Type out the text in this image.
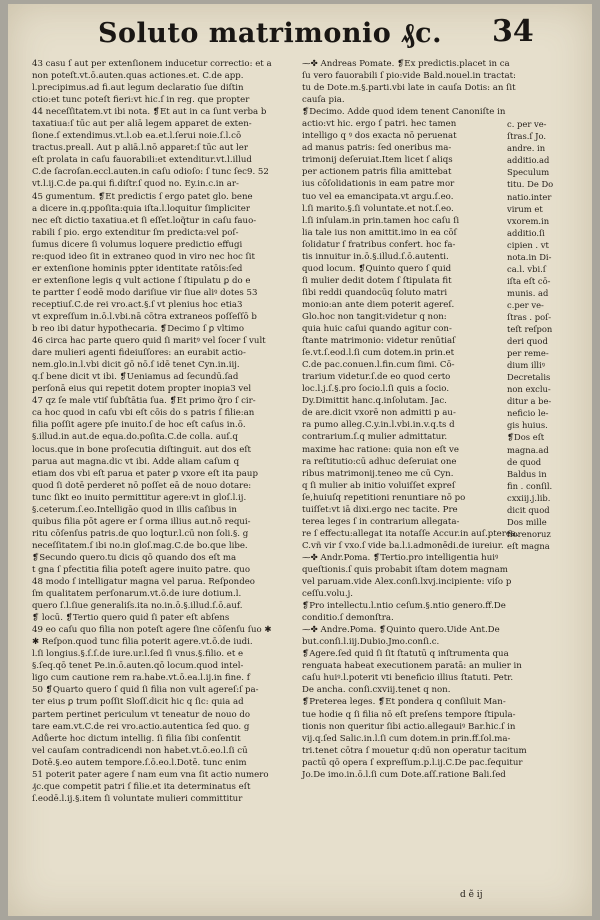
Soluto matrimonio ₰c. 34
43 casu ſ aut per extenſionem inducetur correctio: et a
non poteſt.vt.ō.auten.quas actiones.et. C.de app.
l.precipimus.ad fi.aut legum declaratio ſue diſtin
ctio:et tunc poteſt fieri:vt hic.ſ in reg. que propter
44 neceſſitatem.vt ibi nota. ❡Et aut in ca ſunt verba b
taxatiua:ſ tūc aut per aliā legem apparet de exten-
ſione.ſ extendimus.vt.l.ob ea.et.l.ſerui noie.ſ.l.cō
tractus.preall. Aut p aliā.l.nō apparet:ſ tūc aut ler
eſt prolata in caſu fauorabili:et extenditur.vt.l.illud
C.de ſacroſan.eccl.auten.in caſu odioſo: ſ tunc ſec9. 52
vt.l.ij.C.de pa.qui fi.diſtr.ſ quod no. Ey.in.c.in ar-
45 gumentum. ❡Et predictis ſ ergo patet glo. bene
a dicere in.q.ppoſita:quia iſta.l.loquitur ſimpliciter
nec eſt dictio taxatiua.et ſi eſſet.loq̃tur in caſu fauo-
rabili ſ pio. ergo extenditur ſm predicta:vel poſ-
ſumus dicere ſi volumus loquere predictio effugi
re:quod ideo ſit in extraneo quod in viro nec hoc ſit
er extenſione hominis ppter identitate ratōis:ſed
er extenſione legis q vult actione ſ ſtipulatu ꝑ do e
te partter ſ eodē modo dariſiue vir ſiue aliꝰ dotes 53
receptiuſ.C.de rei vro.act.§.ſ vt plenius hoc etia3
vt expreſſum in.ō.l.vbi.nā cōtra extraneos poſſeſſō b
b reo ibi datur hypothecaria. ❡Decimo ſ ꝑ vltimo
46 circa hac parte quero quid ſi maritꝰ vel ſocer ſ vult
dare mulieri agenti fideiuſſores: an eurabit actio-
nem.glo.in.l.vbi dicit gō nō.ſ idē tenet Cyn.in.iij.
q.ſ bene dicit vt ibi. ❡Ueniamus ad ſecundū.ſad
perſonā eius qui repetit dotem propter inopia3 vel
47 qz ſe male vtiſ ſubſtātia ſua. ❡Et primo q̃ro ſ cir-
ca hoc quod in caſu vbi eſt cōis do s patris ſ filie:an
filia poſſit agere pſe inuito.ſ de hoc eſt caſus in.ō.
§.illud.in aut.de equa.do.poſita.C.de colla. auſ.q
locus.que in bone proſecutia diſtinguit. aut dos eſt
parua aut magna.dic vt ibi. Adde aliam caſum q
etiam dos vbi eſt parua et pater ꝑ vxore eſt ita paup
quod ſi dotē perderet nō poſſet eā de nouo dotare:
tunc ſikt eo inuito permittitur agere:vt in gloſ.l.ij.
§.ceterum.ſ.eo.Intelligāo quod in illis caſibus in
quibus filia pōt agere er ſ orma illius aut.nō requi-
ritu cōſenſus patris.de quo loqtur.l.cū non ſoli.§. g
neceſſitatem.ſ ibi no.in gloſ.mag.C.de bo.que libe.
❡Secundo quero.tu dicis qō quando dos eſt ma
t gna ſ pfectitia filia poteſt agere inuito patre. quo
48 modo ſ intelligatur magna vel parua. Reſpondeo
ſm qualitatem perſonarum.vt.ō.de iure dotium.l.
quero ſ.l.ſiue generaliſs.ita no.in.ō.§.illud.ſ.ō.auf.
❡ locū. ❡Tertio quero quid ſi pater eſt abſens
49 eo caſu quo filia non poteſt agere ſine cōſenſu ſuo ✱
✱ Reſpon.quod tunc filia poterit agere.vt.ō.de iudi.
l.ſi longius.§.ſ.ſ.de iure.ur.l.ſed ſi vnus.§.filio. et e
§.ſeq.qō tenet Pe.in.ō.auten.qō locum.quod intel-
ligo cum cautione rem ra.habe.vt.ō.ea.l.ij.in fine. f
50 ❡Quarto quero ſ quid ſi filia non vult agereſ:ſ pa-
ter eius ꝑ trum poſſit Sloſſ.dicit hic q ſic: quia ad
partem pertinet periculum vt teneatur de nouo do
tare eam.vt.C.de rei vro.actio.autentica ſed quo. g
Adůerte hoc dictum intellig. ſi filia ſibi conſentit
vel cauſam contradicendi non habet.vt.ō.eo.l.ſi cū
Dotē.§.eo autem tempore.ſ.ō.eo.l.Dotē. tunc enim
51 poterit pater agere ſ nam eum vna ſit actio numero
₰c.que competit patri ſ filie.et ita determinatus eſt
ſ.eodē.l.ij.§.item ſi voluntate mulieri committitur
⁓✤ Andreas Pomate. ❡Ex predictis.placet in ca
ſu vero fauorabili ſ pio:vide Bald.nouel.in tractat:
tu de Dote.m.§.parti.vbi late in cauſa Dotis: an ſit
cauſa pia.
❡Decimo. Adde quod idem tenent Canoniſte in
actio:vt hic. ergo ſ patri. hec tamen
intelligo q ꝰ dos exacta nō peruenat
ad manus patris: ſed oneribus ma-
trimonij deſeruiat.Item licet ſ aliqs
per actionem patris filia amittebat
ius cōſolidationis in eam patre mor
tuo vel ea emancipata.vt argu.ſ.eo.
l.ſi marito.§.ſi voluntate.et not.ſ.eo.
l.ſi inſulam.in prin.tamen hoc caſu ſi
lia tale ius non amittit.imo in ea cōſ
ſolidatur ſ fratribus confert. hoc fa-
tis innuitur in.ō.§.illud.ſ.ō.autenti.
quod locum. ❡Quinto quero ſ quid
ſi mulier dedit dotem ſ ſtipulata fit
ſibi reddi quandocūq ſoluto matri
monio:an ante diem poterit agereſ.
Glo.hoc non tangit:videtur q non:
quia huic caſui quando agitur con-
ſtante matrimonio: videtur renūtiaſ
ſe.vt.ſ.eod.l.ſi cum dotem.in prin.et
C.de pac.conuen.l.fin.cum ſimi. Cō-
trarium videtur.ſ.de eo quod certo
loc.l.j.ſ.§.pro ſocio.l.ſi quis a ſocio.
Dy.Dimittit hanc.q.inſolutam. Jac.
de are.dicit vxorē non admitti p au-
ra pumo alleg.C.y.in.l.vbi.in.v.q.ts d
contrarium.ſ.q mulier admittatur.
maxime hac ratione: quia non eſt ve
ra reſtitutio:cū adhuc deſeruiat one
ribus matrimonij.teneo me cū Cyn.
q ſi mulier ab initio voluiſſet expreſ
ſe,huiuſq repetitioni renuntiare nō po
tuiſſet:vt iā dixi.ergo nec tacite. Pre
terea leges ſ in contrarium allegata-
re ſ effectu:allegat ita notaſſe Accur.in auſ.pterea.
C.vñ vir ſ vxo.ſ vide ba.l.i.admonēdi.de iureiur.
⁓✤ Andr.Poma. ❡Tertio.pro intelligentia huiꝰ
queſtionis.ſ quis probabit iſtam dotem magnam
vel paruam.vide Alex.conſi.lxvj.incipiente: viſo p
ceſſu.volu.j.
❡Pro intellectu.l.ntio ceſum.§.ntio genero.ff.De
conditio.ſ demonſtra.
⁓✤ Andre.Poma. ❡Quinto quero.Uide Ant.De
but.conſi.l.iij.Dubio.Jmo.conſi.c.
❡Agere.ſed quid ſi ſit ſtatutū q inſtrumenta qua
renguata habeat executionem paratā: an mulier in
caſu huiꝰ.l.poterit vti beneficio illius ſtatuti. Petr.
De ancha. conſi.cxviij.tenet q non.
❡Preterea leges. ❡Et pondera q conſiluit Man-
tue hodie q ſi filia nō eſt preſens tempore ſtipula-
tionis non queritur ſibi actio.allegauiꝰ Bar.hic.ſ in
vij.q.ſed Salic.in.l.ſi cum dotem.in prin.ff.ſol.ma-
tri.tenet cōtra ſ mouetur q:dū non operatur tacitum
pactū qō opera ſ expreſſum.p.l.ij.C.De pac.ſequitur
Jo.De imo.in.ō.l.ſi cum Dote.aſſ.ratione Bali.ſed
c. per ve-
ſtras.ſ Jo.
andre. in
additio.ad
Speculum
titu. De Do
natio.inter
virum et
vxorem.in
additio.ſi
cipien . vt
nota.in Di-
ca.l. vbi.ſ
iſta eſt cō-
munis. ad
c.per ve-
ſtras . poſ-
teſt reſpon
deri quod
per reme-
dium illiꝰ
Decretalis
non exclu-
ditur a be-
neficio le-
gis huius.
❡Dos eſt
magna.ad
de quod
Baldus in
fin . conſil.
cxxiij.j.lib.
dicit quod
Dos mille
florenoruz
eſt magna
d ẽ ij
